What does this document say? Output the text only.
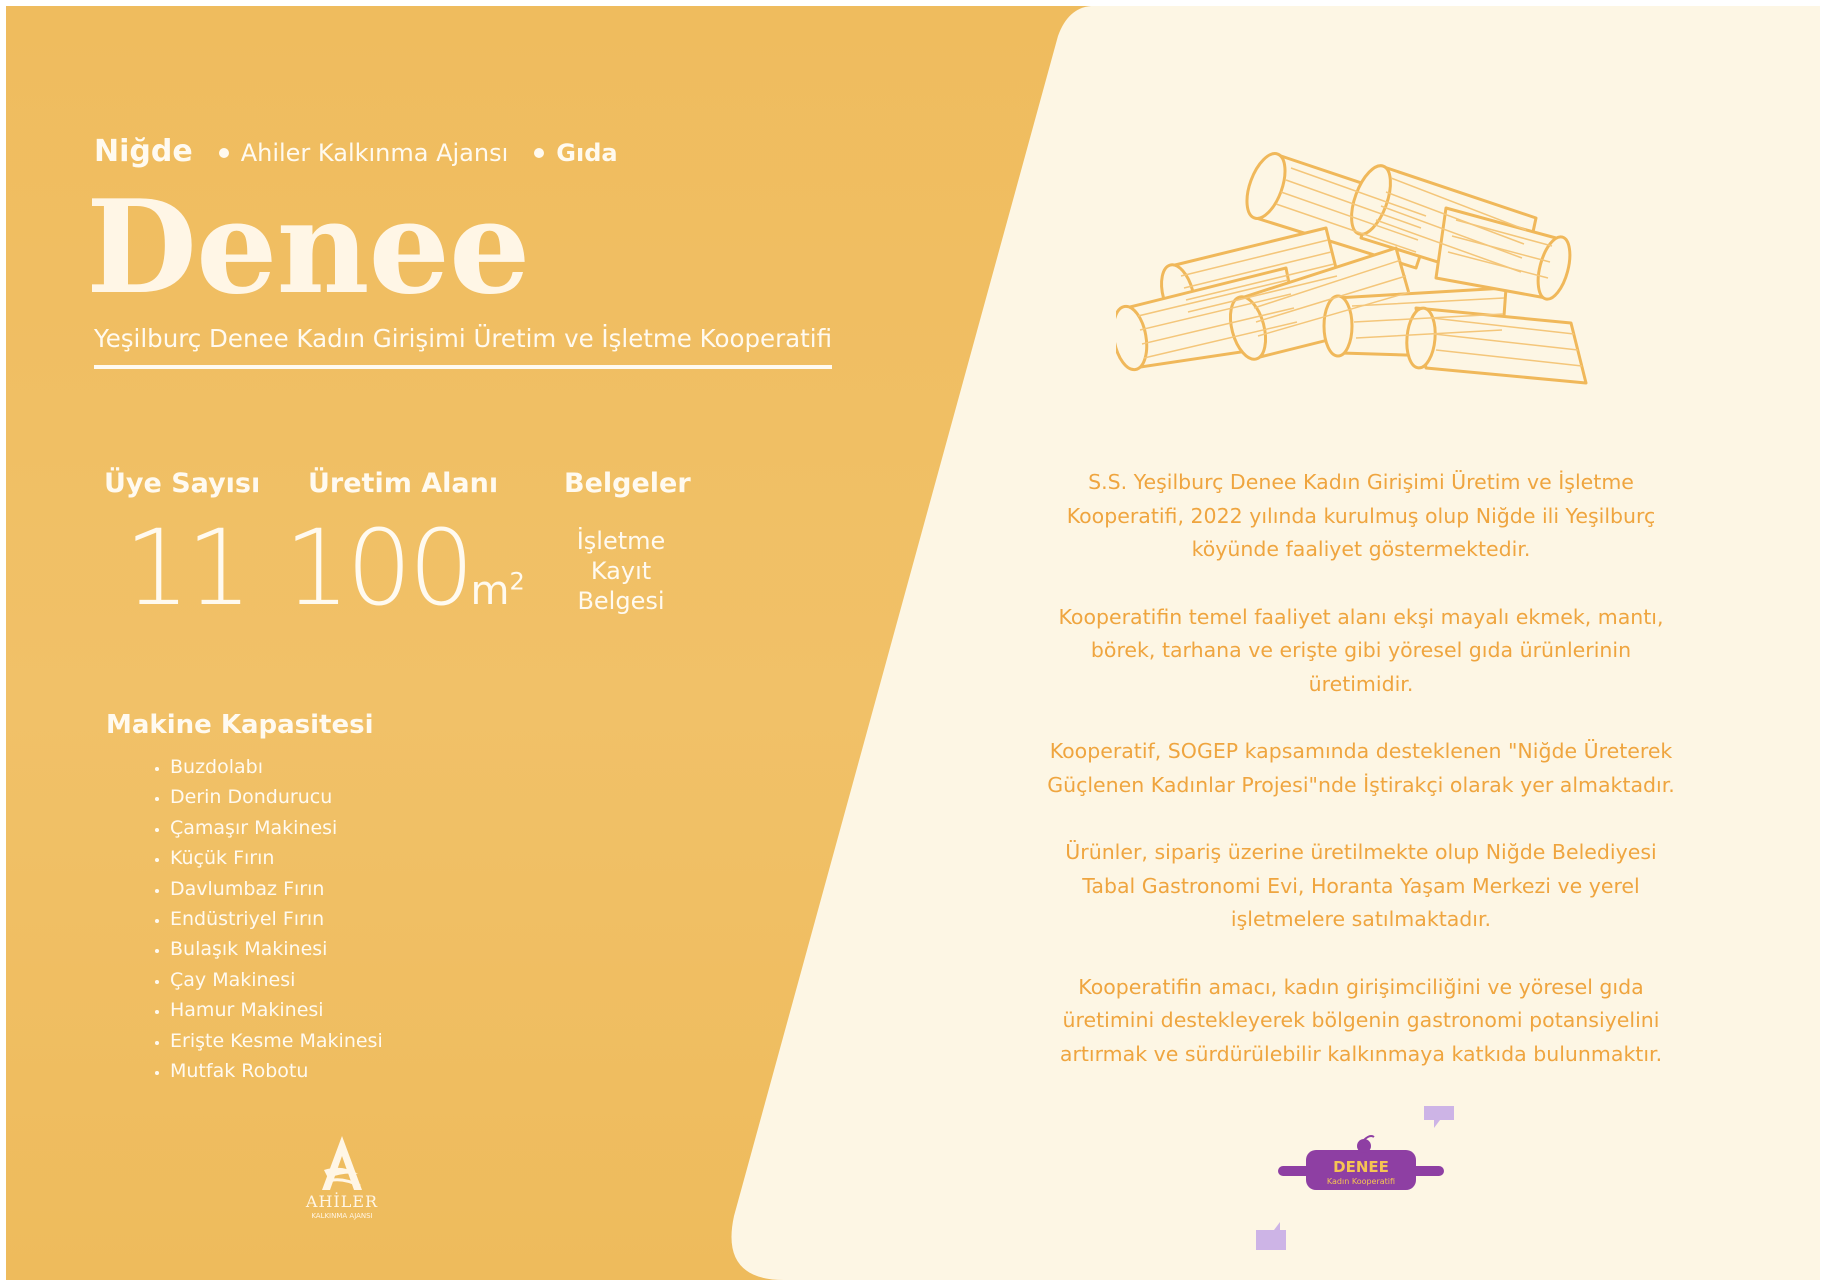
Niğde Ahiler Kalkınma Ajansı Gıda
Denee
Yeşilburç Denee Kadın Girişimi Üretim ve İşletme Kooperatifi
Üye Sayısı
11
Üretim Alanı
$100m^2$
Belgeler
İşletme Kayıt Belgesi
Makine Kapasitesi
• Buzdolabı
• Derin Dondurucu
• Çamaşır Makinesi
• Küçük Fırın
• Davlumbaz Fırın
• Endüstriyel Fırın
• Bulaşık Makinesi
• Çay Makinesi
• Hamur Makinesi
• Erişte Kesme Makinesi
• Mutfak Robotu
AHİLER
KALKINMA AJANSI

S.S. Yeşilburç Denee Kadın Girişimi Üretim ve İşletme Kooperatifi, 2022 yılında kurulmuş olup Niğde ili Yeşilburç köyünde faaliyet göstermektedir.

Kooperatifin temel faaliyet alanı ekşi mayalı ekmek, mantı, börek, tarhana ve erişte gibi yöresel gıda ürünlerinin üretimidir.

Kooperatif, SOGEP kapsamında desteklenen "Niğde Üreterek Güçlenen Kadınlar Projesi"nde İştirakçi olarak yer almaktadır.

Ürünler, sipariş üzerine üretilmekte olup Niğde Belediyesi Tabal Gastronomi Evi, Horanta Yaşam Merkezi ve yerel işletmelere satılmaktadır.

Kooperatifin amacı, kadın girişimciliğini ve yöresel gıda üretimini destekleyerek bölgenin gastronomi potansiyelini artırmak ve sürdürülebilir kalkınmaya katkıda bulunmaktır.

DENEE
Kadın Kooperatifi
